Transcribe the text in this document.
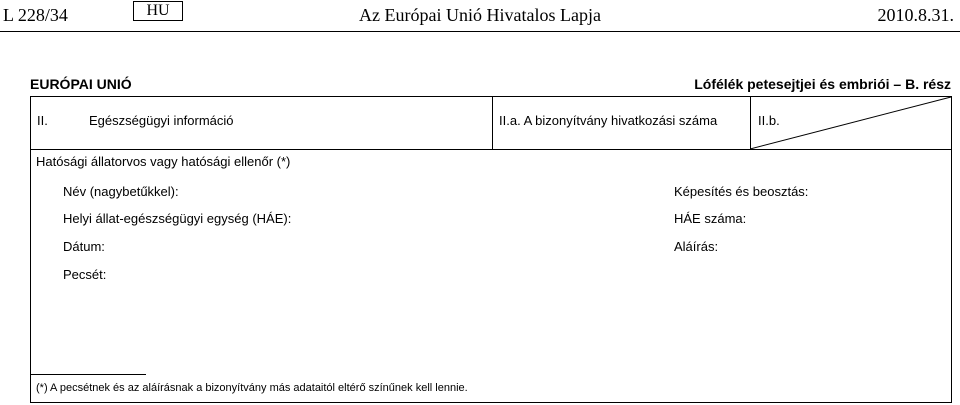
L 228/34	HU	Az Európai Unió Hivatalos Lapja	2010.8.31.
EURÓPAI UNIÓ	Lófélék petesejtjei és embriói – B. rész
II.	Egészségügyi információ	II.a. A bizonyítvány hivatkozási száma	II.b.
Hatósági állatorvos vagy hatósági ellenőr (*)
Név (nagybetűkkel):	Képesítés és beosztás:
Helyi állat-egészségügyi egység (HÁE):	HÁE száma:
Dátum:	Aláírás:
Pecsét:
(*) A pecsétnek és az aláírásnak a bizonyítvány más adataitól eltérő színűnek kell lennie.
